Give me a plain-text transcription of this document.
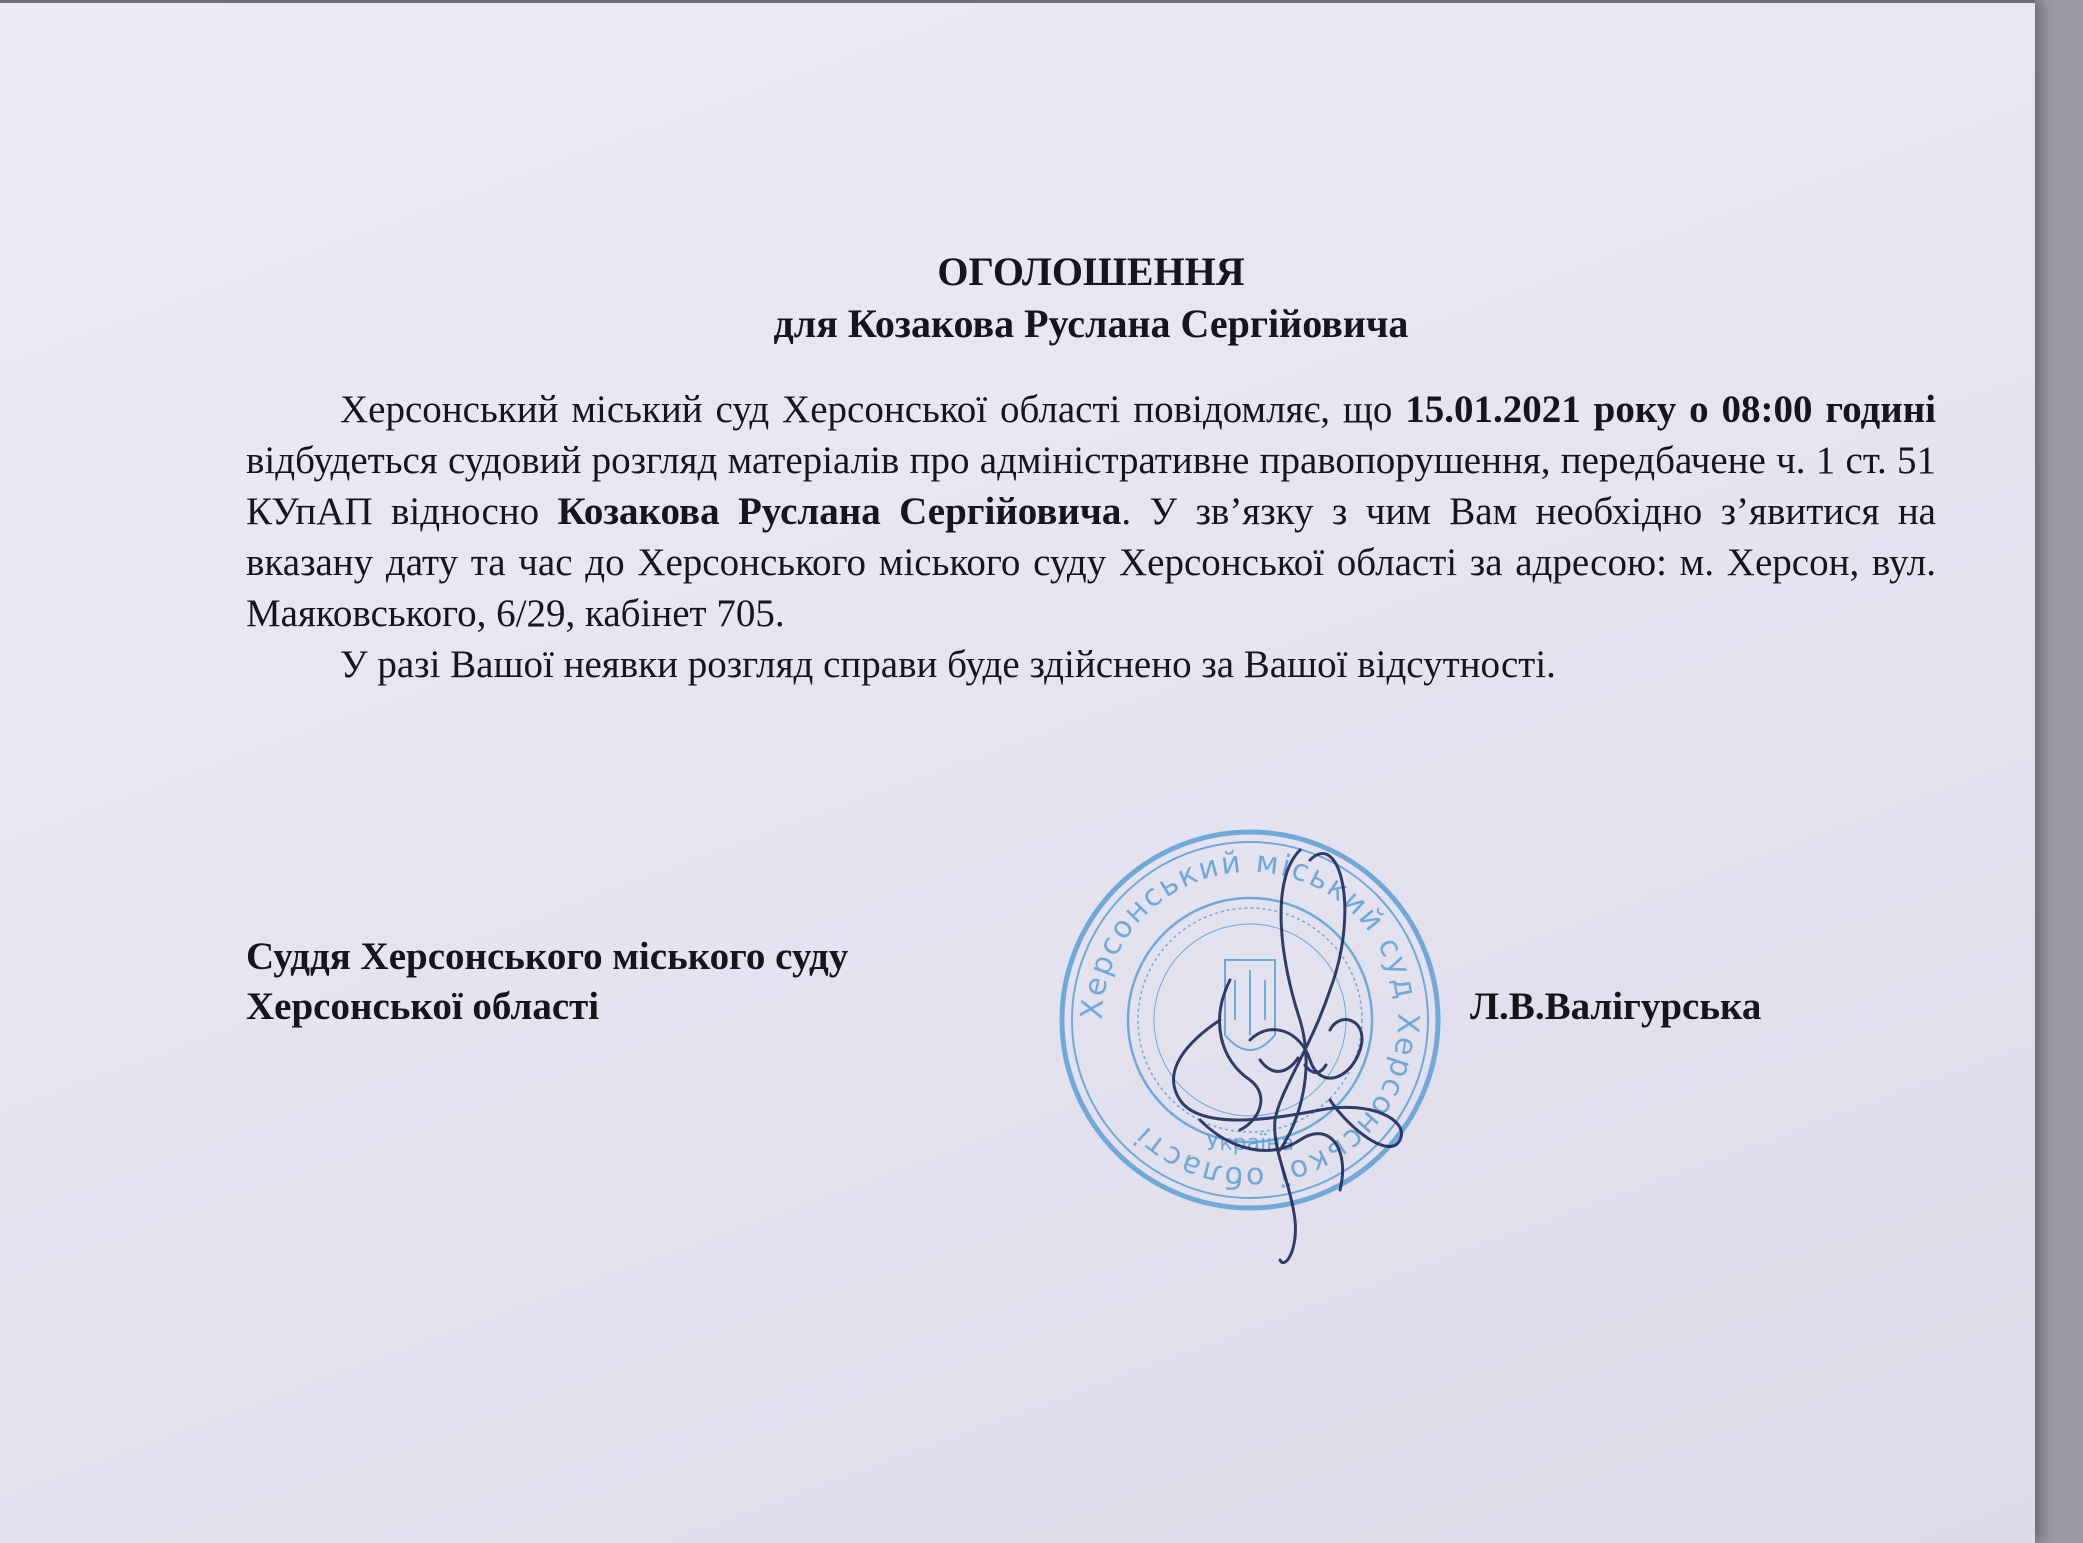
ОГОЛОШЕННЯ
для Козакова Руслана Сергійовича

Херсонський міський суд Херсонської області повідомляє, що 15.01.2021 року о 08:00 годині відбудеться судовий розгляд матеріалів про адміністративне правопорушення, передбачене ч. 1 ст. 51 КУпАП відносно Козакова Руслана Сергійовича. У зв’язку з чим Вам необхідно з’явитися на вказану дату та час до Херсонського міського суду Херсонської області за адресою: м. Херсон, вул. Маяковського, 6/29, кабінет 705.

У разі Вашої неявки розгляд справи буде здійснено за Вашої відсутності.

Суддя Херсонського міського суду
Херсонської області	Л.В.Валігурська
Херсонський міський суд Херсонської області	Україна
